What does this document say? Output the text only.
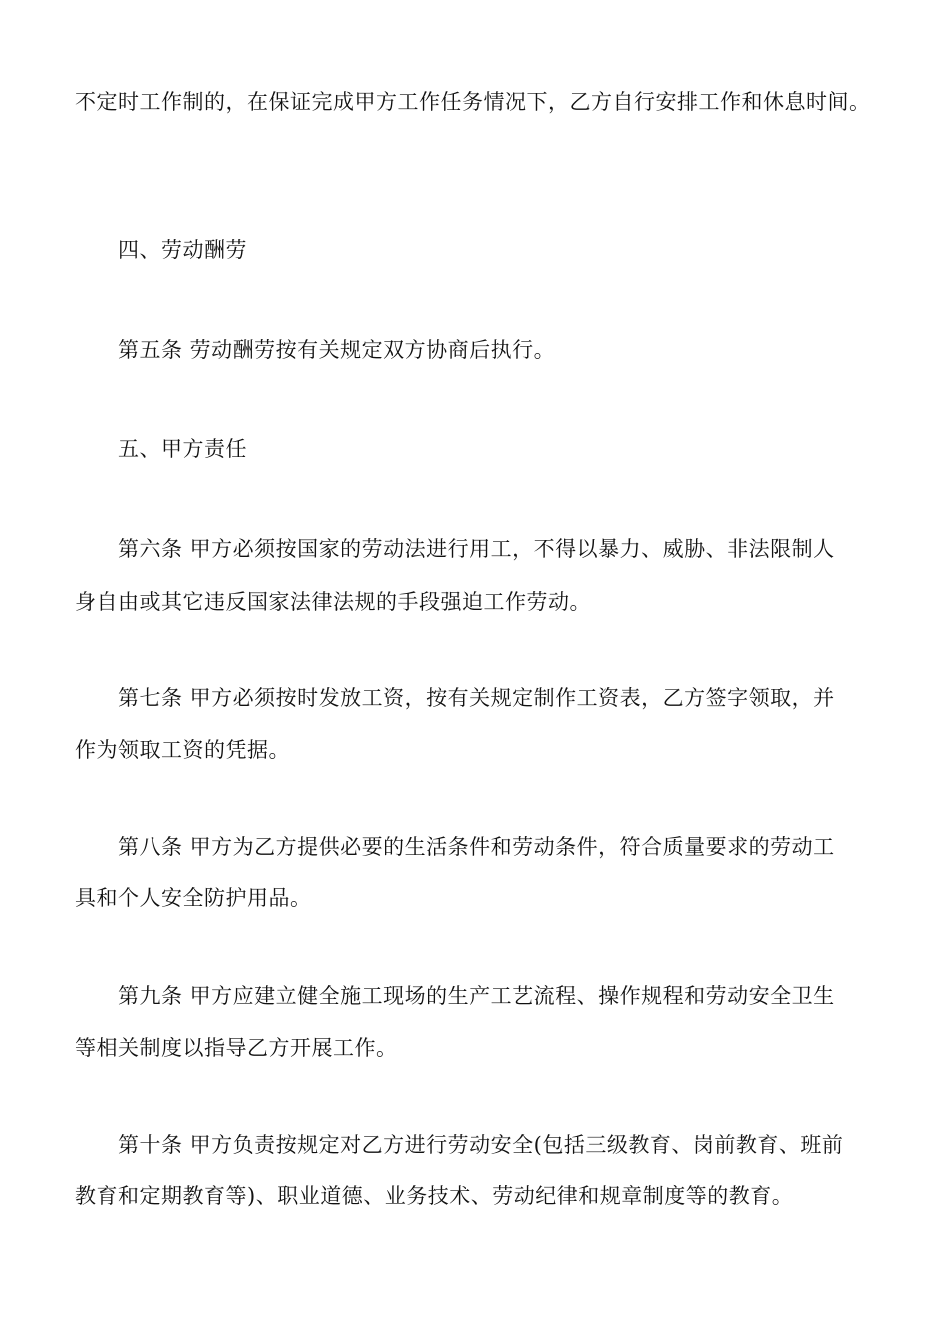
不定时工作制的，在保证完成甲方工作任务情况下，乙方自行安排工作和休息时间。
四、劳动酬劳
第五条 劳动酬劳按有关规定双方协商后执行。
五、甲方责任
第六条 甲方必须按国家的劳动法进行用工，不得以暴力、威胁、非法限制人
身自由或其它违反国家法律法规的手段强迫工作劳动。
第七条 甲方必须按时发放工资，按有关规定制作工资表，乙方签字领取，并
作为领取工资的凭据。
第八条 甲方为乙方提供必要的生活条件和劳动条件，符合质量要求的劳动工
具和个人安全防护用品。
第九条 甲方应建立健全施工现场的生产工艺流程、操作规程和劳动安全卫生
等相关制度以指导乙方开展工作。
第十条 甲方负责按规定对乙方进行劳动安全(包括三级教育、岗前教育、班前
教育和定期教育等)、职业道德、业务技术、劳动纪律和规章制度等的教育。
